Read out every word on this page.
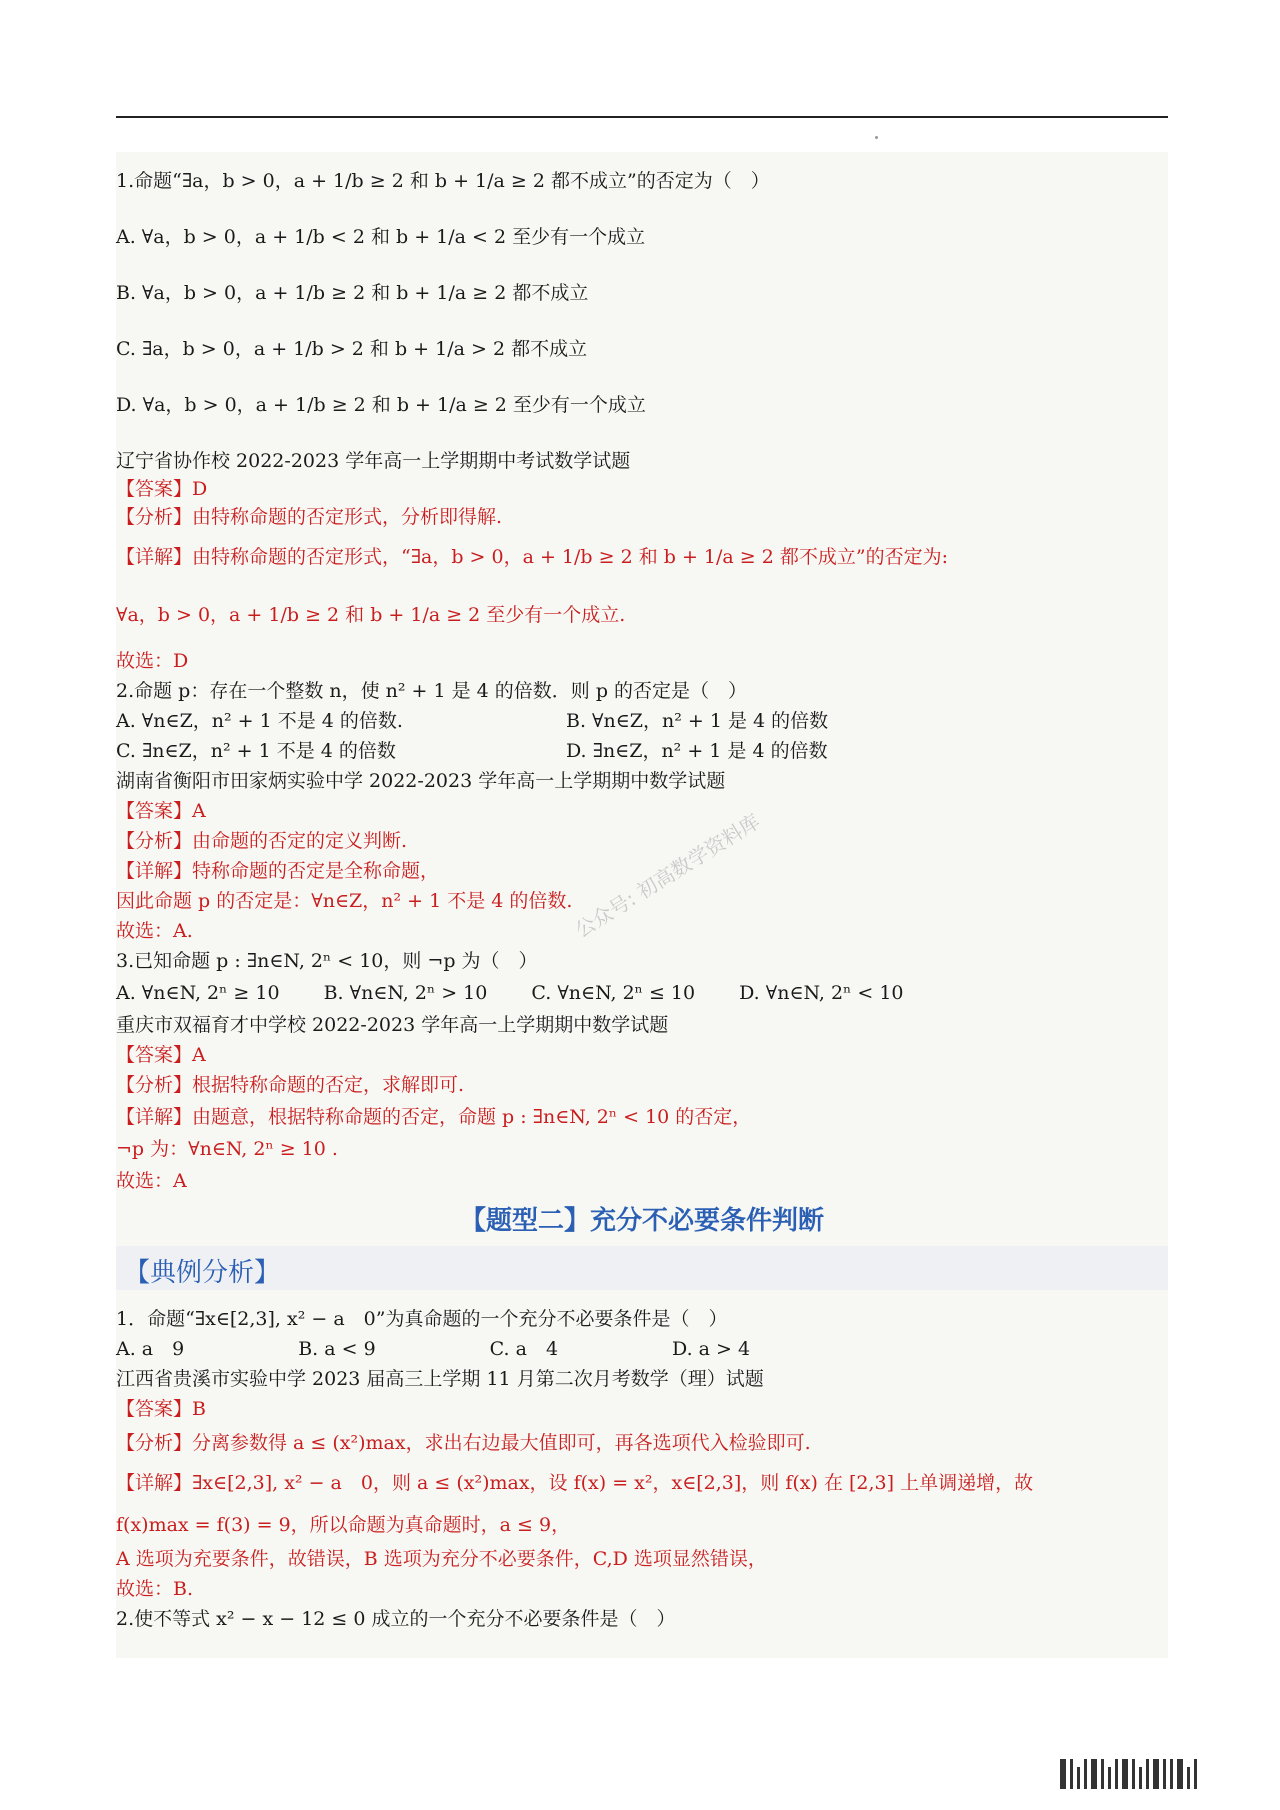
1.命题“∃a，b > 0，a + 1/b ≥ 2 和 b + 1/a ≥ 2 都不成立”的否定为（　）
A. ∀a，b > 0，a + 1/b < 2 和 b + 1/a < 2 至少有一个成立
B. ∀a，b > 0，a + 1/b ≥ 2 和 b + 1/a ≥ 2 都不成立
C. ∃a，b > 0，a + 1/b > 2 和 b + 1/a > 2 都不成立
D. ∀a，b > 0，a + 1/b ≥ 2 和 b + 1/a ≥ 2 至少有一个成立
辽宁省协作校 2022-2023 学年高一上学期期中考试数学试题
【答案】D
【分析】由特称命题的否定形式，分析即得解.
【详解】由特称命题的否定形式，“∃a，b > 0，a + 1/b ≥ 2 和 b + 1/a ≥ 2 都不成立”的否定为:
∀a，b > 0，a + 1/b ≥ 2 和 b + 1/a ≥ 2 至少有一个成立.
故选：D
2.命题 p：存在一个整数 n，使 n² + 1 是 4 的倍数．则 p 的否定是（　）
A. ∀n∈Z，n² + 1 不是 4 的倍数.	B. ∀n∈Z，n² + 1 是 4 的倍数
C. ∃n∈Z，n² + 1 不是 4 的倍数	D. ∃n∈Z，n² + 1 是 4 的倍数
湖南省衡阳市田家炳实验中学 2022-2023 学年高一上学期期中数学试题
【答案】A
【分析】由命题的否定的定义判断.
【详解】特称命题的否定是全称命题，
因此命题 p 的否定是：∀n∈Z，n² + 1 不是 4 的倍数.
故选：A.
3.已知命题 p : ∃n∈N, 2ⁿ < 10，则 ¬p 为（　）
A. ∀n∈N, 2ⁿ ≥ 10　　 B. ∀n∈N, 2ⁿ > 10　　 C. ∀n∈N, 2ⁿ ≤ 10　　 D. ∀n∈N, 2ⁿ < 10
重庆市双福育才中学校 2022-2023 学年高一上学期期中数学试题
【答案】A
【分析】根据特称命题的否定，求解即可.
【详解】由题意，根据特称命题的否定，命题 p : ∃n∈N, 2ⁿ < 10 的否定，
¬p 为：∀n∈N, 2ⁿ ≥ 10 .
故选：A
【题型二】充分不必要条件判断
【典例分析】
1．命题“∃x∈[2,3], x² − a　0”为真命题的一个充分不必要条件是（　）
A. a　9　　　　　　B. a < 9　　　　　　C. a　4　　　　　　D. a > 4
江西省贵溪市实验中学 2023 届高三上学期 11 月第二次月考数学（理）试题
【答案】B
【分析】分离参数得 a ≤ (x²)max，求出右边最大值即可，再各选项代入检验即可.
【详解】∃x∈[2,3], x² − a　0，则 a ≤ (x²)max，设 f(x) = x²，x∈[2,3]，则 f(x) 在 [2,3] 上单调递增，故
f(x)max = f(3) = 9，所以命题为真命题时，a ≤ 9，
A 选项为充要条件，故错误，B 选项为充分不必要条件，C,D 选项显然错误，
故选：B.
2.使不等式 x² − x − 12 ≤ 0 成立的一个充分不必要条件是（　）
公众号: 初高数学资料库
